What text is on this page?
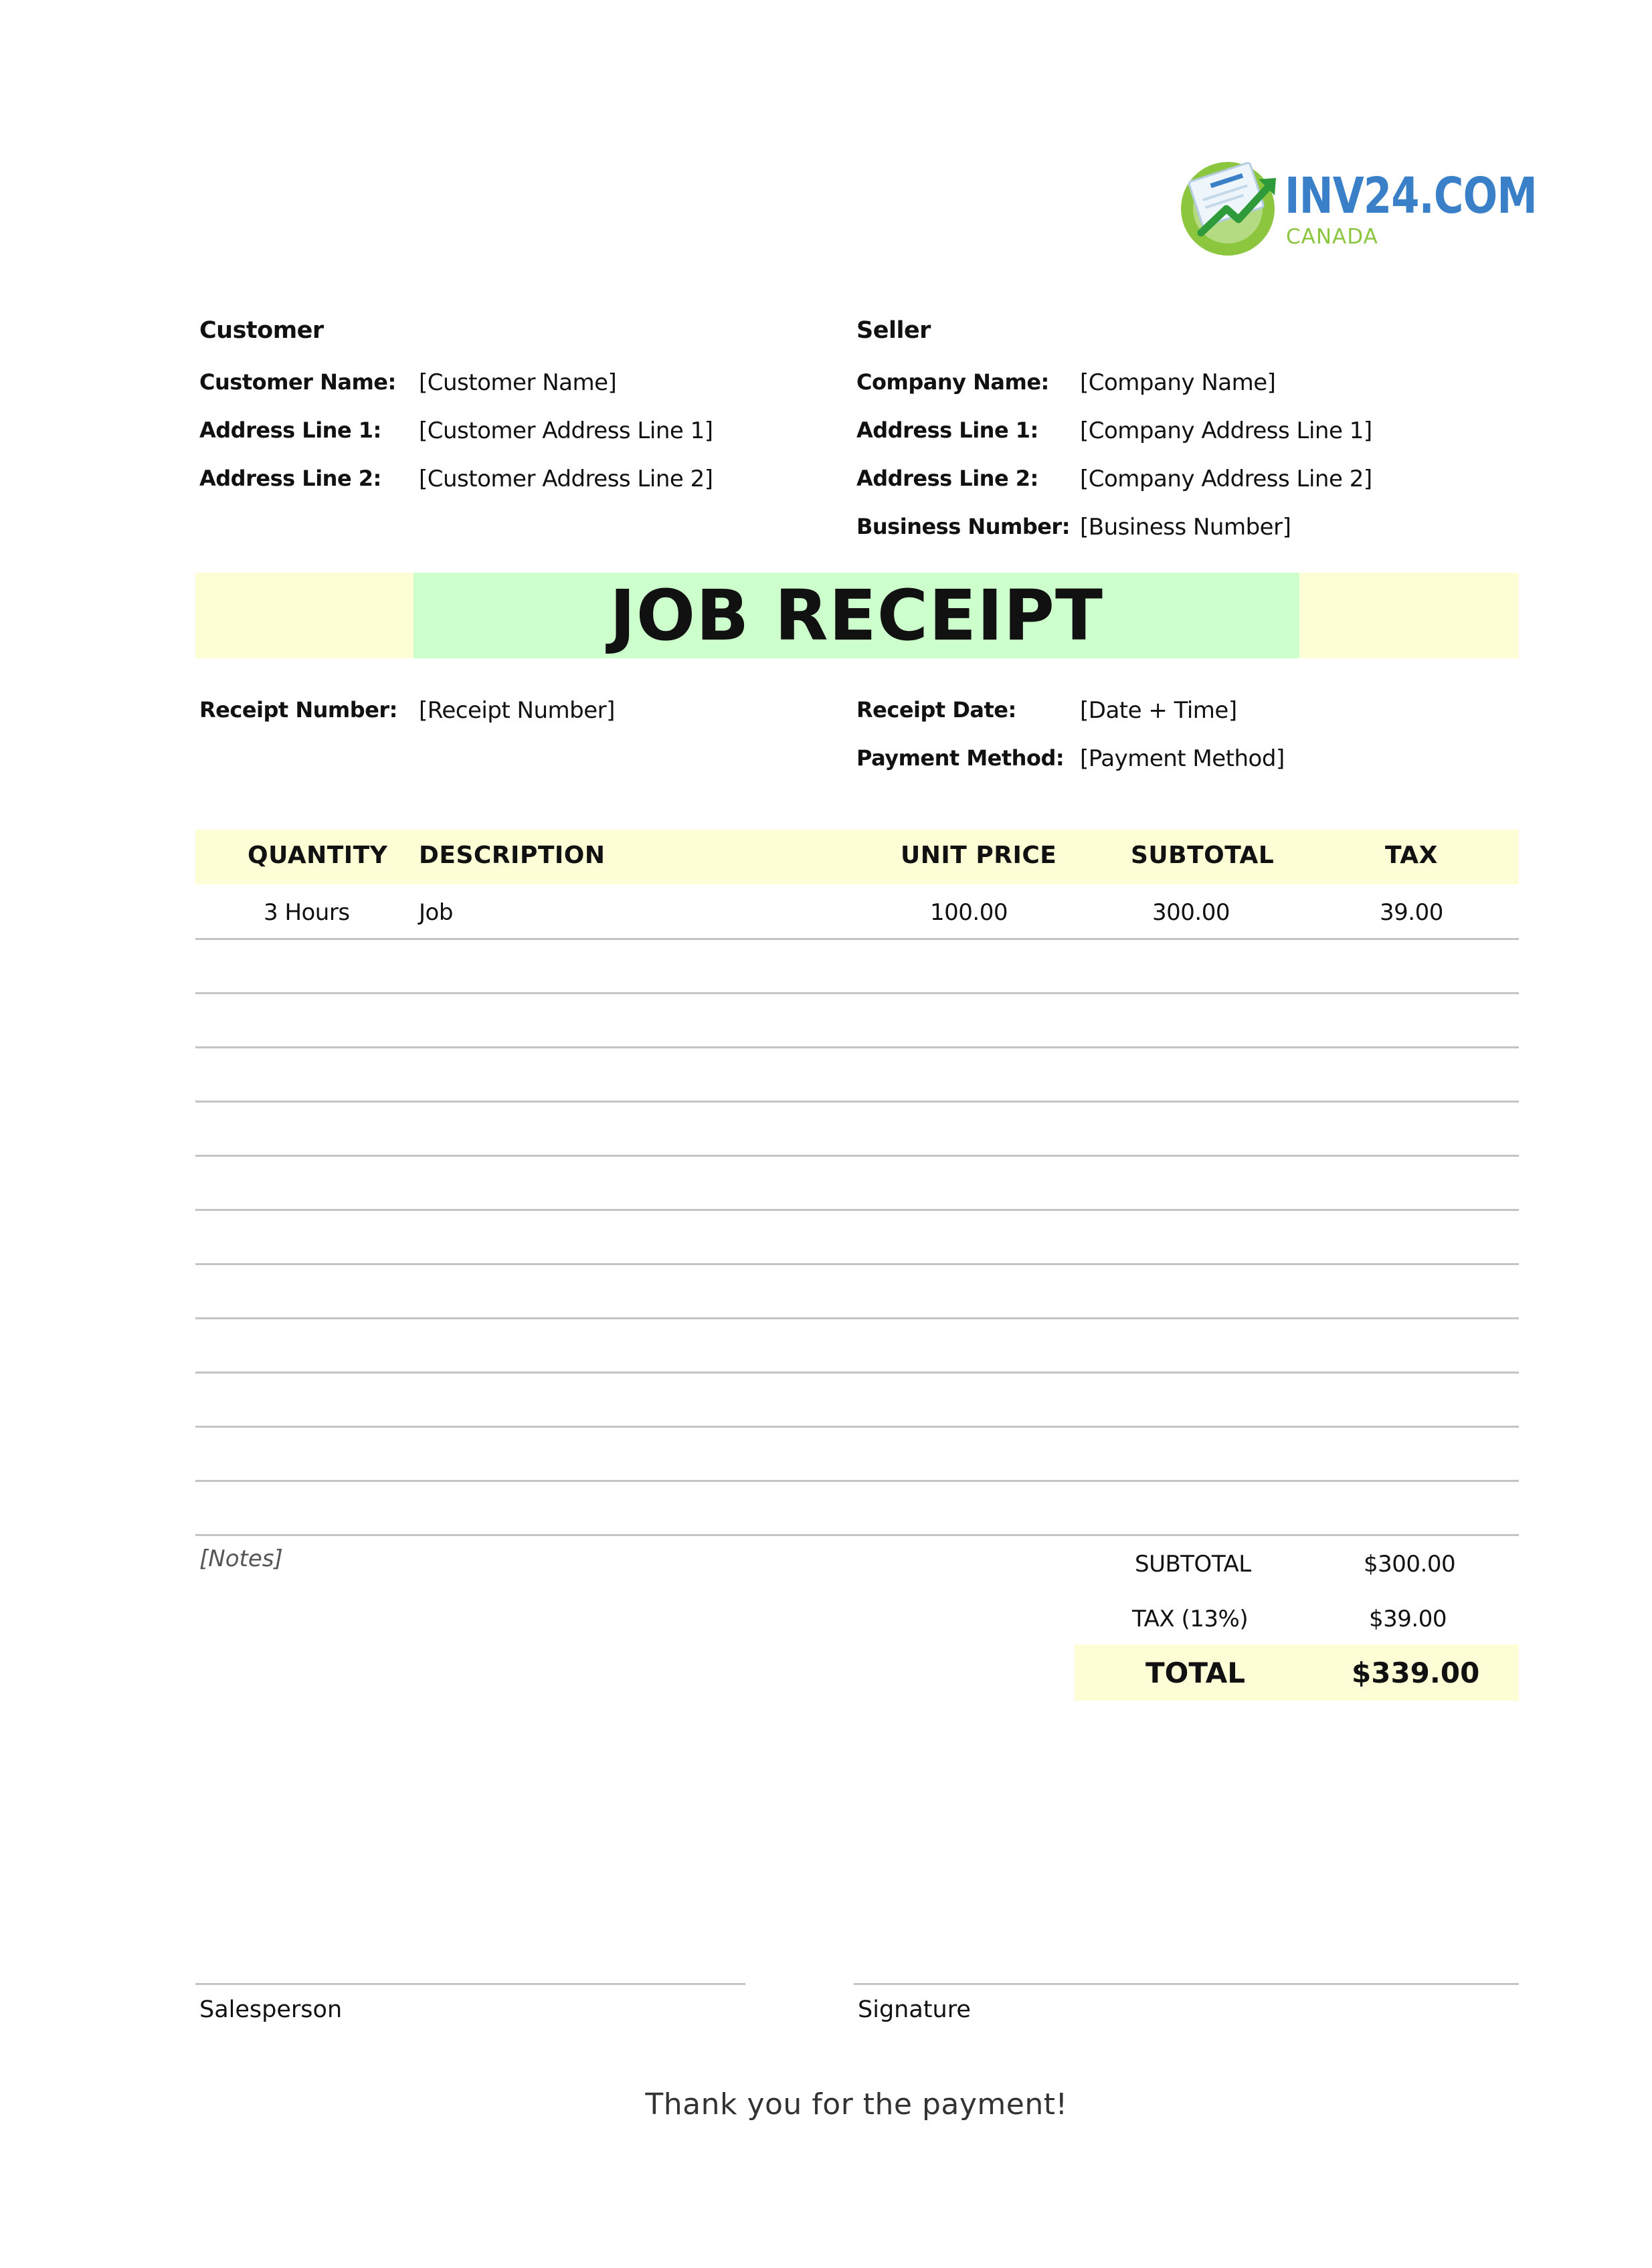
INV24.COM
CANADA
Customer
Customer Name: [Customer Name]
Address Line 1: [Customer Address Line 1]
Address Line 2: [Customer Address Line 2]
Seller
Company Name: [Company Name]
Address Line 1: [Company Address Line 1]
Address Line 2: [Company Address Line 2]
Business Number: [Business Number]
JOB RECEIPT
Receipt Number: [Receipt Number]	Receipt Date:	[Date + Time]
Payment Method: [Payment Method]
QUANTITY DESCRIPTION	UNIT PRICE	SUBTOTAL	TAX
3 Hours	Job	100.00	300.00	39.00
[Notes]	SUBTOTAL	$300.00
TAX (13%)	$39.00
TOTAL	$339.00
Salesperson	Signature
Thank you for the payment!
